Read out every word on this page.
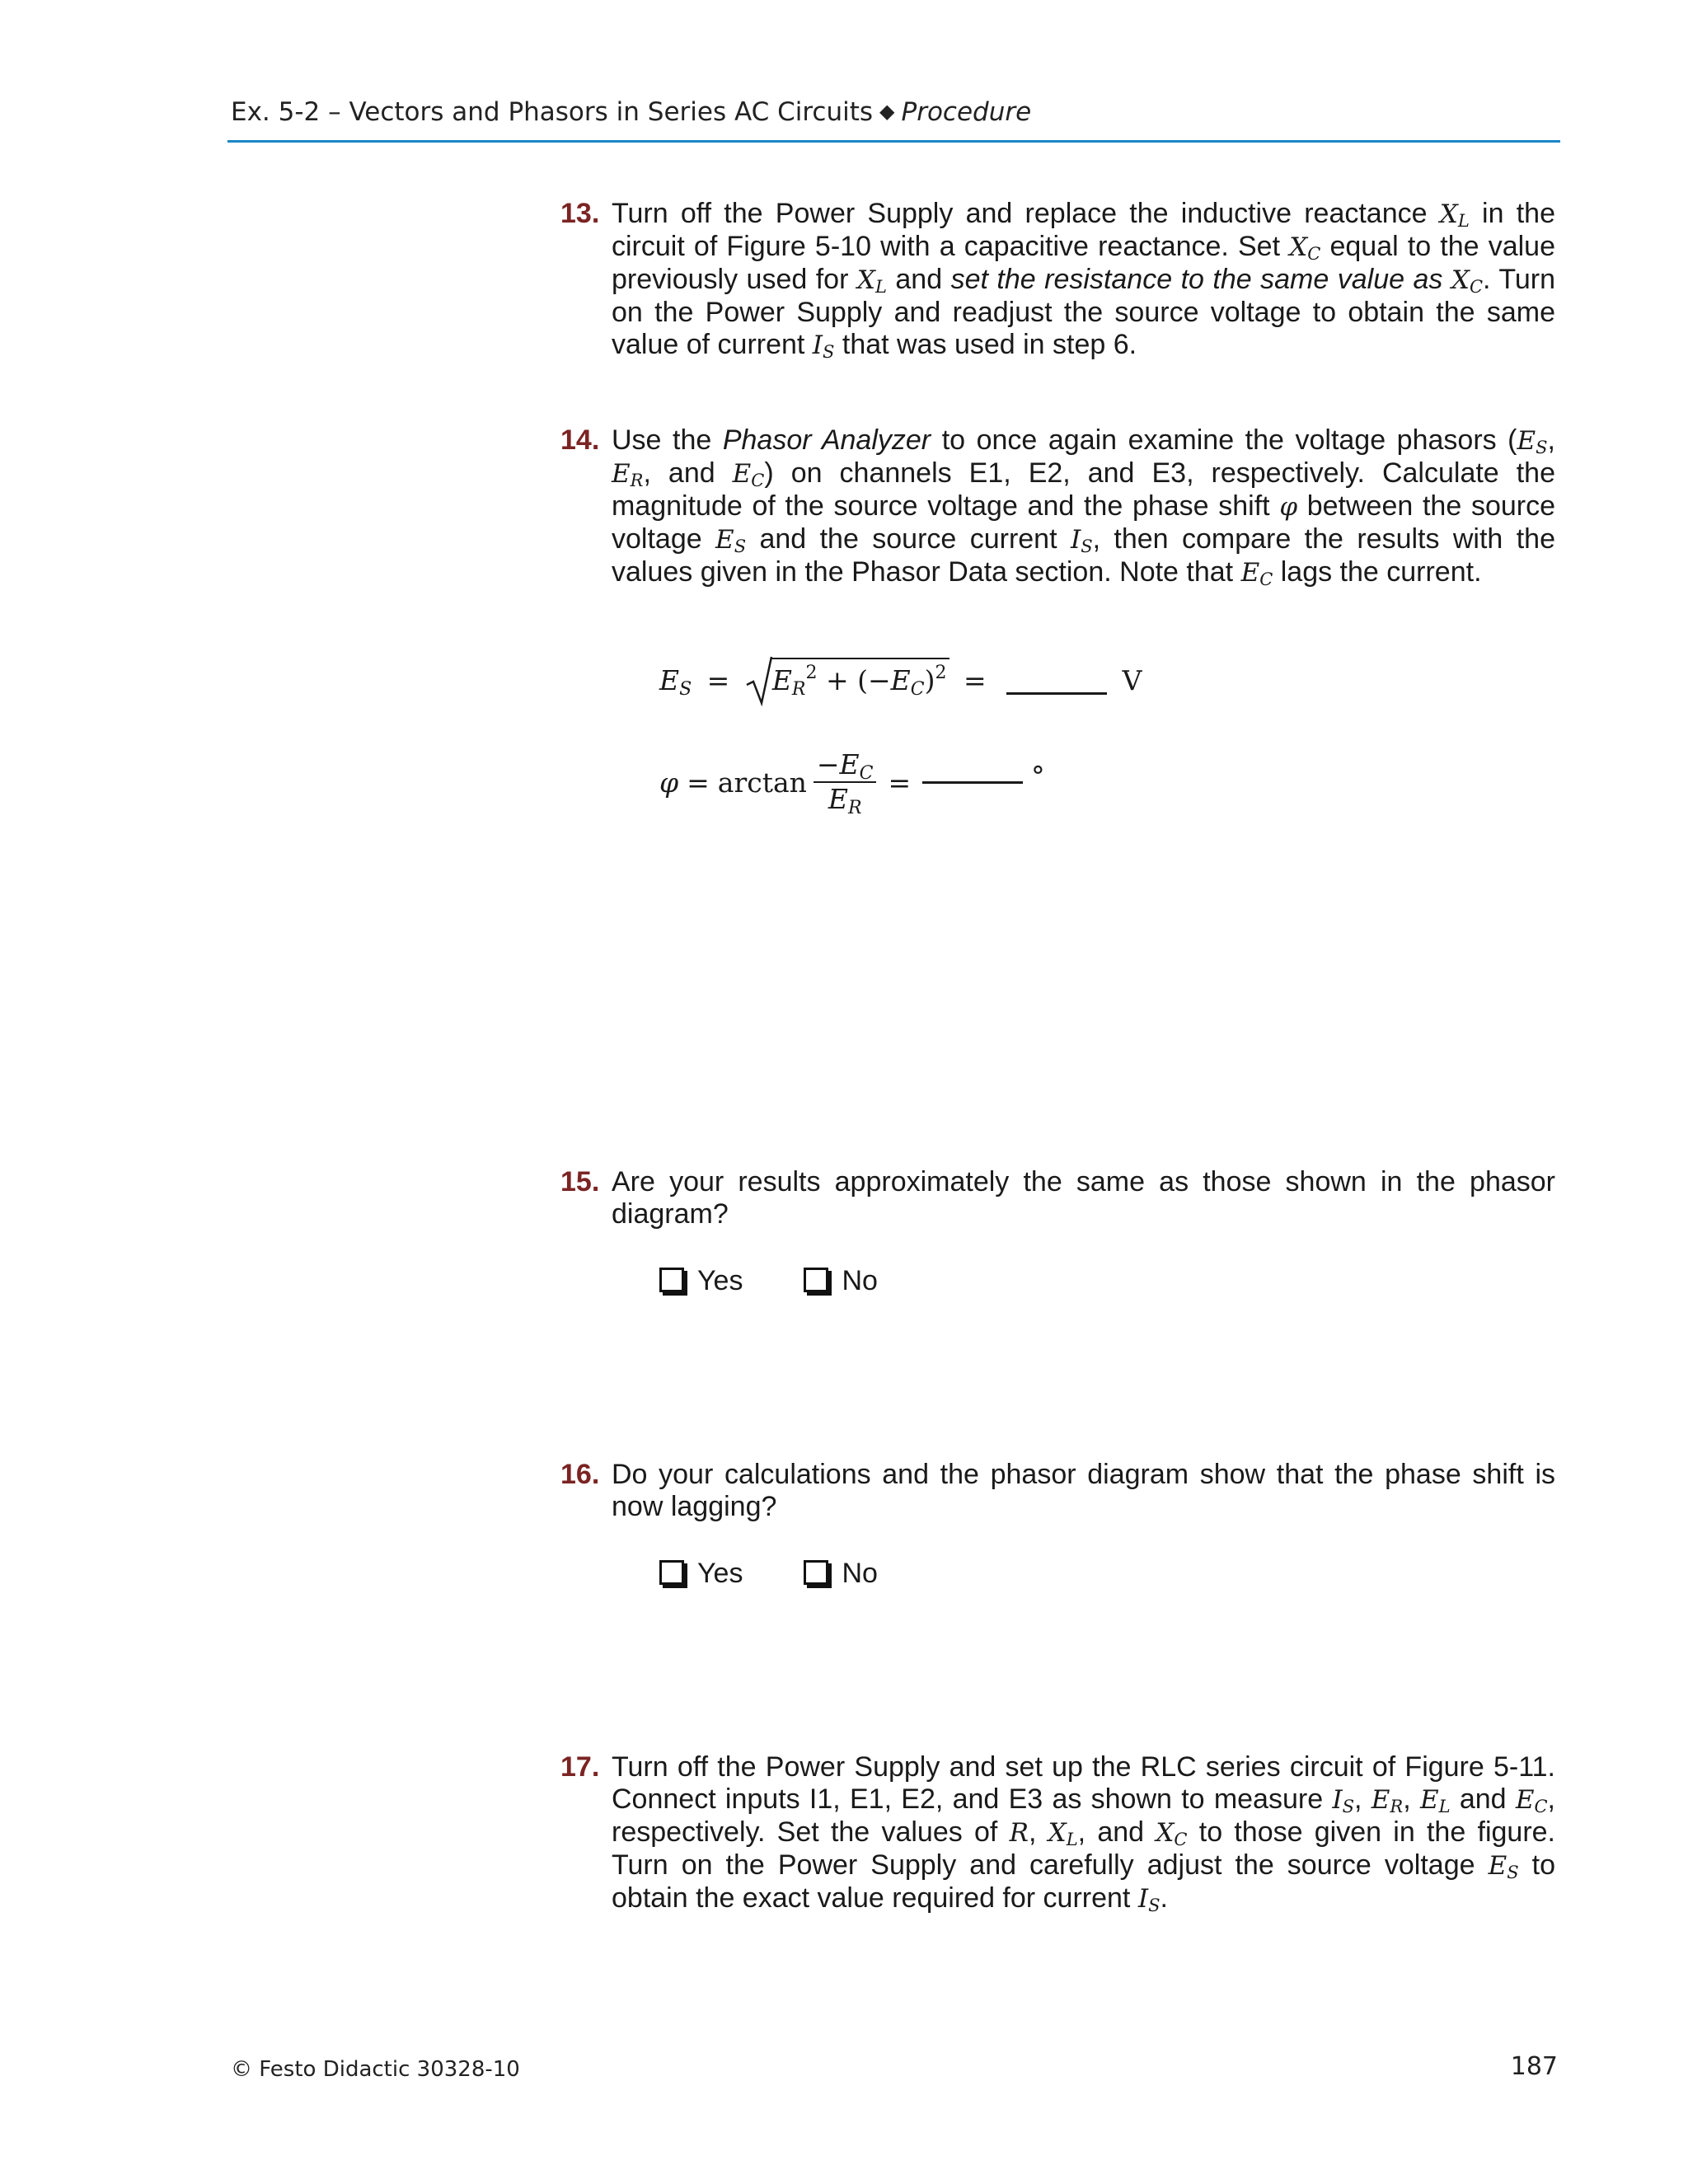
Ex. 5-2 – Vectors and Phasors in Series AC Circuits ◆ Procedure
13. Turn off the Power Supply and replace the inductive reactance $X_L$ in the circuit of Figure 5-10 with a capacitive reactance. Set $X_C$ equal to the value previously used for $X_L$ and set the resistance to the same value as $X_C$. Turn on the Power Supply and readjust the source voltage to obtain the same value of current $I_S$ that was used in step 6.
14. Use the Phasor Analyzer to once again examine the voltage phasors ($E_S$, $E_R$, and $E_C$) on channels E1, E2, and E3, respectively. Calculate the magnitude of the source voltage and the phase shift φ between the source voltage $E_S$ and the source current $I_S$, then compare the results with the values given in the Phasor Data section. Note that $E_C$ lags the current.
$E_S = E_R^2 + (-E_C)^2$ =	V
$\varphi = \arctan \frac{-E_C}{E_R}$ =	°
15. Are your results approximately the same as those shown in the phasor diagram?
Yes	No
16. Do your calculations and the phasor diagram show that the phase shift is now lagging?
Yes	No
17. Turn off the Power Supply and set up the RLC series circuit of Figure 5-11. Connect inputs I1, E1, E2, and E3 as shown to measure $I_S$, $E_R$, $E_L$ and $E_C$, respectively. Set the values of R, $X_L$, and $X_C$ to those given in the figure. Turn on the Power Supply and carefully adjust the source voltage $E_S$ to obtain the exact value required for current $I_S$.
© Festo Didactic 30328-10	187
